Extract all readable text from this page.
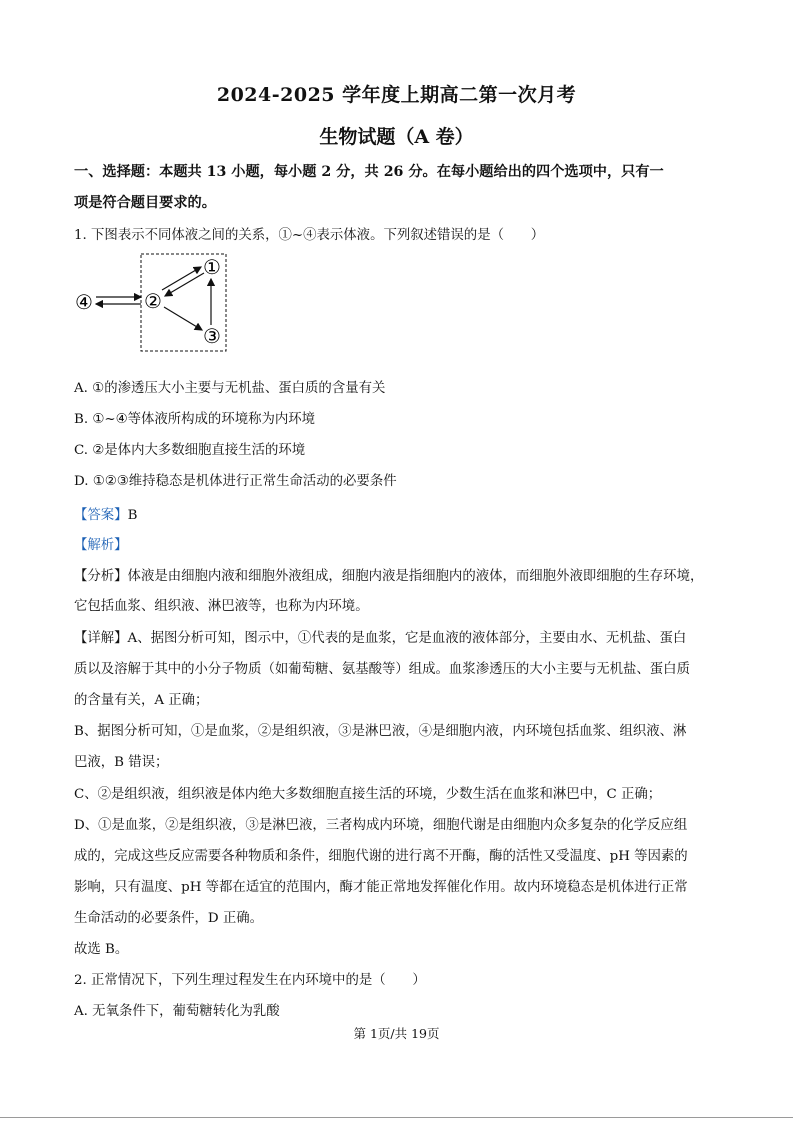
2024-2025 学年度上期高二第一次月考
生物试题（A 卷）
一、选择题：本题共 13 小题，每小题 2 分，共 26 分。在每小题给出的四个选项中，只有一
项是符合题目要求的。
1. 下图表示不同体液之间的关系，①~④表示体液。下列叙述错误的是（　　）
④	②
①
③
A. ①的渗透压大小主要与无机盐、蛋白质的含量有关
B. ①~④等体液所构成的环境称为内环境
C. ②是体内大多数细胞直接生活的环境
D. ①②③维持稳态是机体进行正常生命活动的必要条件
【答案】B
【解析】
【分析】体液是由细胞内液和细胞外液组成，细胞内液是指细胞内的液体，而细胞外液即细胞的生存环境，
它包括血浆、组织液、淋巴液等，也称为内环境。
【详解】A、据图分析可知，图示中，①代表的是血浆，它是血液的液体部分，主要由水、无机盐、蛋白
质以及溶解于其中的小分子物质（如葡萄糖、氨基酸等）组成。血浆渗透压的大小主要与无机盐、蛋白质
的含量有关，A 正确；
B、据图分析可知，①是血浆，②是组织液，③是淋巴液，④是细胞内液，内环境包括血浆、组织液、淋
巴液，B 错误；
C、②是组织液，组织液是体内绝大多数细胞直接生活的环境，少数生活在血浆和淋巴中，C 正确；
D、①是血浆，②是组织液，③是淋巴液，三者构成内环境，细胞代谢是由细胞内众多复杂的化学反应组
成的，完成这些反应需要各种物质和条件，细胞代谢的进行离不开酶，酶的活性又受温度、pH 等因素的
影响，只有温度、pH 等都在适宜的范围内，酶才能正常地发挥催化作用。故内环境稳态是机体进行正常
生命活动的必要条件，D 正确。
故选 B。
2. 正常情况下，下列生理过程发生在内环境中的是（　　）
A. 无氧条件下，葡萄糖转化为乳酸
第 1页/共 19页
